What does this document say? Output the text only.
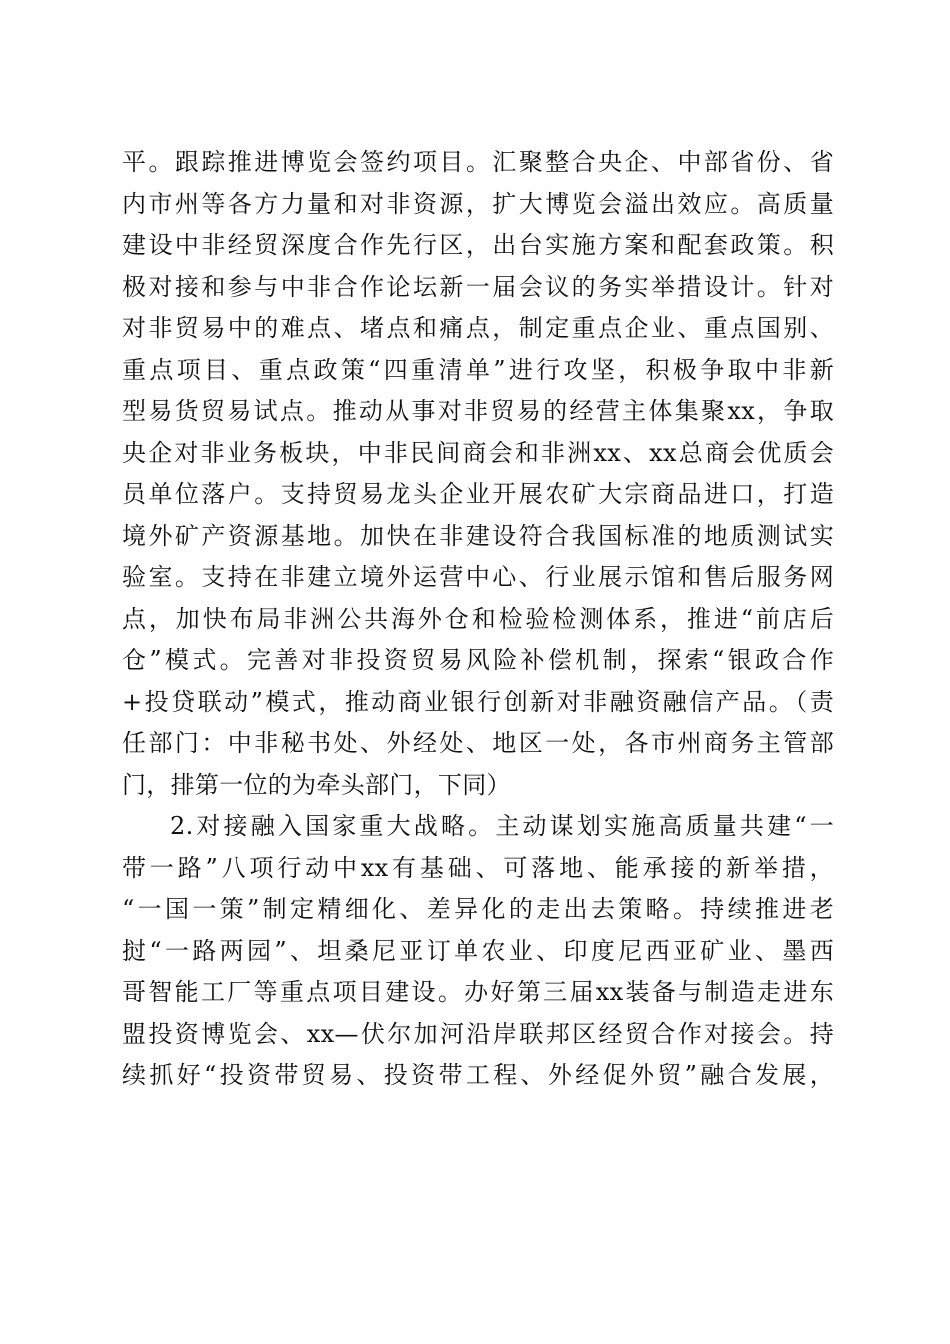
平。跟踪推进博览会签约项目。汇聚整合央企、中部省份、省
内市州等各方力量和对非资源，扩大博览会溢出效应。高质量
建设中非经贸深度合作先行区，出台实施方案和配套政策。积
极对接和参与中非合作论坛新一届会议的务实举措设计。针对
对非贸易中的难点、堵点和痛点，制定重点企业、重点国别、
重点项目、重点政策“四重清单”进行攻坚，积极争取中非新
型易货贸易试点。推动从事对非贸易的经营主体集聚xx，争取
央企对非业务板块，中非民间商会和非洲xx、xx总商会优质会
员单位落户。支持贸易龙头企业开展农矿大宗商品进口，打造
境外矿产资源基地。加快在非建设符合我国标准的地质测试实
验室。支持在非建立境外运营中心、行业展示馆和售后服务网
点，加快布局非洲公共海外仓和检验检测体系，推进“前店后
仓”模式。完善对非投资贸易风险补偿机制，探索“银政合作
+投贷联动”模式，推动商业银行创新对非融资融信产品。（责
任部门：中非秘书处、外经处、地区一处，各市州商务主管部
门，排第一位的为牵头部门，下同）
2.对接融入国家重大战略。主动谋划实施高质量共建“一
带一路”八项行动中xx有基础、可落地、能承接的新举措，
“一国一策”制定精细化、差异化的走出去策略。持续推进老
挝“一路两园”、坦桑尼亚订单农业、印度尼西亚矿业、墨西
哥智能工厂等重点项目建设。办好第三届xx装备与制造走进东
盟投资博览会、xx—伏尔加河沿岸联邦区经贸合作对接会。持
续抓好“投资带贸易、投资带工程、外经促外贸”融合发展，
